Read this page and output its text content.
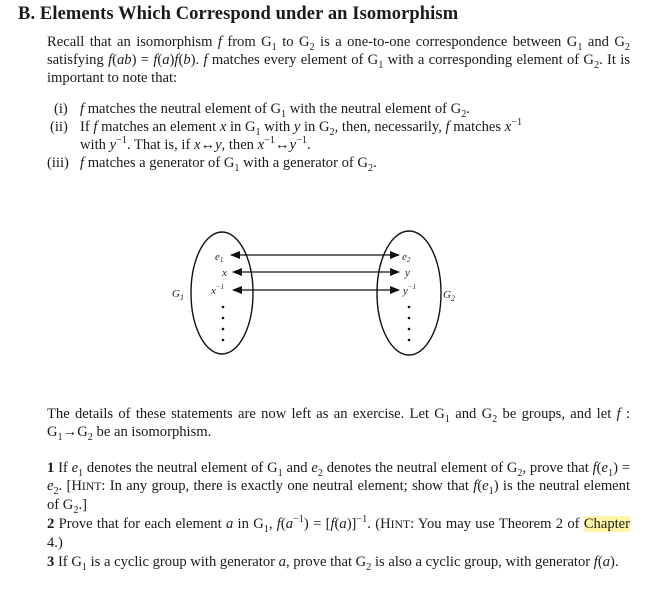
B. Elements Which Correspond under an Isomorphism
Recall that an isomorphism f from $G_1$ to $G_2$ is a one-to-one correspondence between $G_1$ and $G_2$ satisfying f(ab) = f(a)f(b). f matches every element of $G_1$ with a corresponding element of $G_2$. It is important to note that:
(i) f matches the neutral element of $G_1$ with the neutral element of $G_2$.
(ii) If f matches an element x in $G_1$ with y in $G_2$, then, necessarily, f matches $x^{-1}$
with $y^{-1}$. That is, if x↔y, then $x^{-1}\leftrightarrow y^{-1}$.
(iii) f matches a generator of $G_1$ with a generator of $G_2$.
$G_1$	$G_2$
e1
x
$x^{-1}$
e2
y
$y^{-1}$
The details of these statements are now left as an exercise. Let $G_1$ and $G_2$ be groups, and let f : $G_1\to G_2$ be an isomorphism.
1 If $e_1$ denotes the neutral element of $G_1$ and $e_2$ denotes the neutral element of $G_2$, prove that $f(e_1) = e_2$. [HINT: In any group, there is exactly one neutral element; show that $f(e_1)$ is the neutral element of $G_2$.]
2 Prove that for each element a in $G_1$, $f(a^{-1}) = [f(a)]^{-1}$. (HINT: You may use Theorem 2 of Chapter 4.)
3 If $G_1$ is a cyclic group with generator a, prove that $G_2$ is also a cyclic group, with generator f(a).
